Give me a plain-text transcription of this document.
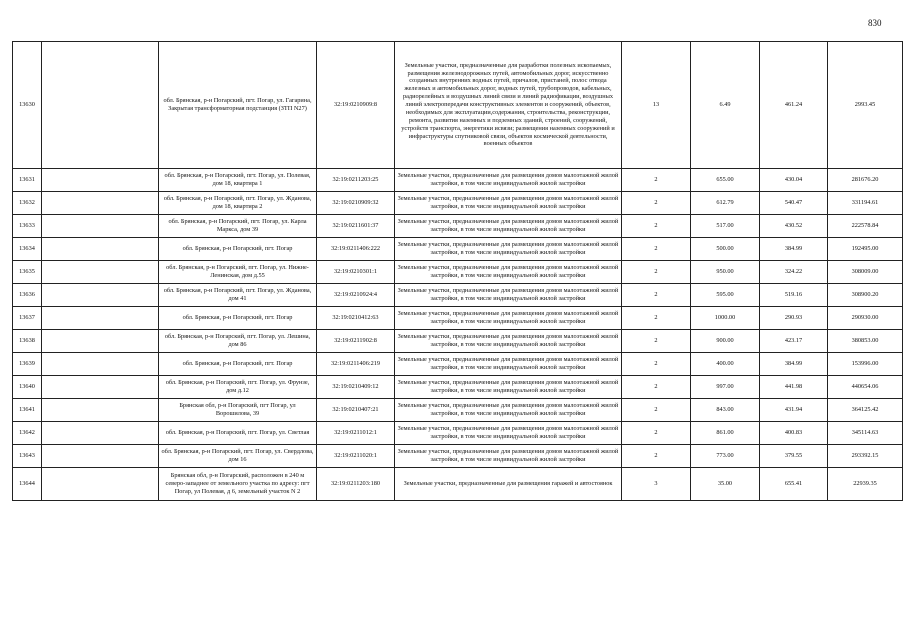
830
13630		обл. Брянская, р-н Погарский, пгт. Погар, ул. Гагарина, Закрытая трансформаторная подстанция (ЗТП N27)	32:19:0210909:8	Земельные участки, предназначенные для разработки полезных ископаемых, размещения железнодорожных путей, автомобильных дорог, искусственно созданных внутренних водных путей, причалов, пристаней, полос отвода железных и автомобильных дорог, водных путей, трубопроводов, кабельных, радиорелейных и воздушных линий связи и линий радиофикации, воздушных линий электропередачи конструктивных элементов и сооружений, объектов, необходимых для эксплуатации,содержания, строительства, реконструкции, ремонта, развития наземных и подземных зданий, строений, сооружений, устройств транспорта, энергетики исвязи; размещения наземных сооружений и инфраструктуры спутниковой связи, объектов космической деятельности, военных объектов	13	6.49	461.24	2993.45
13631		обл. Брянская, р-н Погарский, пгт. Погар, ул. Полевая, дом 18, квартира 1	32:19:0211203:25	Земельные участки, предназначенные для размещения домов малоэтажной жилой застройки, в том числе индивидуальной жилой застройки	2	655.00	430.04	281676.20
13632		обл. Брянская, р-н Погарский, пгт. Погар, ул. Жданова, дом 18, квартира 2	32:19:0210909:32	Земельные участки, предназначенные для размещения домов малоэтажной жилой застройки, в том числе индивидуальной жилой застройки	2	612.79	540.47	331194.61
13633		обл. Брянская, р-н Погарский, пгт. Погар, ул. Карла Маркса, дом 39	32:19:0211601:37	Земельные участки, предназначенные для размещения домов малоэтажной жилой застройки, в том числе индивидуальной жилой застройки	2	517.00	430.52	222578.84
13634		обл. Брянская, р-н Погарский, пгт. Погар	32:19:0211406:222	Земельные участки, предназначенные для размещения домов малоэтажной жилой застройки, в том числе индивидуальной жилой застройки	2	500.00	384.99	192495.00
13635		обл. Брянская, р-н Погарский, пгт. Погар, ул. Нижне-Ленинская, дом д.55	32:19:0210301:1	Земельные участки, предназначенные для размещения домов малоэтажной жилой застройки, в том числе индивидуальной жилой застройки	2	950.00	324.22	308009.00
13636		обл. Брянская, р-н Погарский, пгт. Погар, ул. Жданова, дом 41	32:19:0210924:4	Земельные участки, предназначенные для размещения домов малоэтажной жилой застройки, в том числе индивидуальной жилой застройки	2	595.00	519.16	308900.20
13637		обл. Брянская, р-н Погарский, пгт. Погар	32:19:0210412:63	Земельные участки, предназначенные для размещения домов малоэтажной жилой застройки, в том числе индивидуальной жилой застройки	2	1000.00	290.93	290930.00
13638		обл. Брянская, р-н Погарский, пгт. Погар, ул. Лешина, дом 86	32:19:0211902:8	Земельные участки, предназначенные для размещения домов малоэтажной жилой застройки, в том числе индивидуальной жилой застройки	2	900.00	423.17	380853.00
13639		обл. Брянская, р-н Погарский, пгт. Погар	32:19:0211406:219	Земельные участки, предназначенные для размещения домов малоэтажной жилой застройки, в том числе индивидуальной жилой застройки	2	400.00	384.99	153996.00
13640		обл. Брянская, р-н Погарский, пгт. Погар, ул. Фрунзе, дом д.12	32:19:0210409:12	Земельные участки, предназначенные для размещения домов малоэтажной жилой застройки, в том числе индивидуальной жилой застройки	2	997.00	441.98	440654.06
13641		Брянская обл, р-н Погарский, пгт Погар, ул Ворошилова, 39	32:19:0210407:21	Земельные участки, предназначенные для размещения домов малоэтажной жилой застройки, в том числе индивидуальной жилой застройки	2	843.00	431.94	364125.42
13642		обл. Брянская, р-н Погарский, пгт. Погар, ул. Светлая	32:19:0211012:1	Земельные участки, предназначенные для размещения домов малоэтажной жилой застройки, в том числе индивидуальной жилой застройки	2	861.00	400.83	345114.63
13643		обл. Брянская, р-н Погарский, пгт. Погар, ул. Свердлова, дом 16	32:19:0211020:1	Земельные участки, предназначенные для размещения домов малоэтажной жилой застройки, в том числе индивидуальной жилой застройки	2	773.00	379.55	293392.15
13644		Брянская обл, р-н Погарский, расположен в 240 м северо-западнее от земельного участка по адресу: пгт Погар, ул Полевая, д 6, земельный участок N 2	32:19:0211203:180	Земельные участки, предназначенные для размещения гаражей и автостоянок	3	35.00	655.41	22939.35
